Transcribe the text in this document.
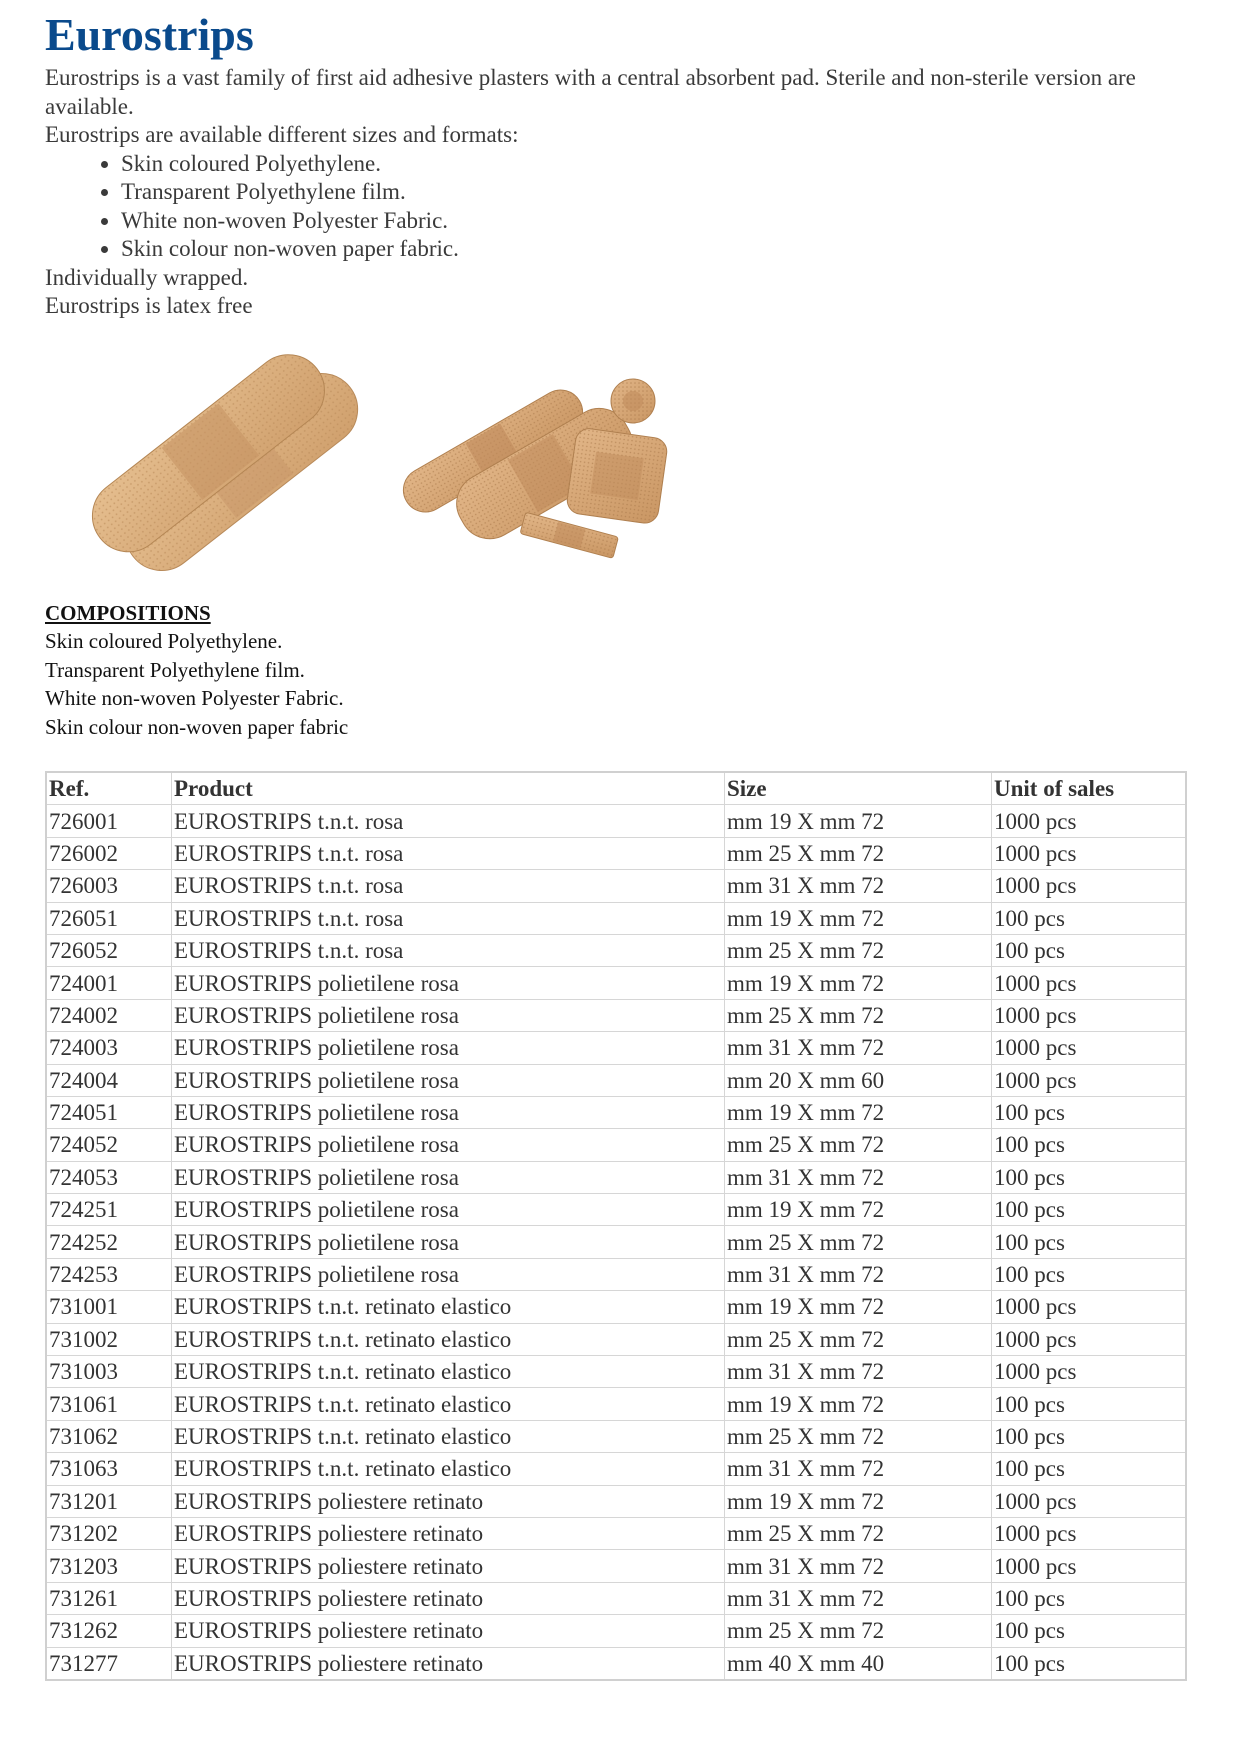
Eurostrips

Eurostrips is a vast family of first aid adhesive plasters with a central absorbent pad. Sterile and non-sterile version are available.

Eurostrips are available different sizes and formats:

• Skin coloured Polyethylene.
• Transparent Polyethylene film.
• White non-woven Polyester Fabric.
• Skin colour non-woven paper fabric.

Individually wrapped.

Eurostrips is latex free

COMPOSITIONS

Skin coloured Polyethylene.

Transparent Polyethylene film.

White non-woven Polyester Fabric.

Skin colour non-woven paper fabric

Ref.	Product	Size	Unit of sales
726001	EUROSTRIPS t.n.t. rosa	mm 19 X mm 72	1000 pcs
726002	EUROSTRIPS t.n.t. rosa	mm 25 X mm 72	1000 pcs
726003	EUROSTRIPS t.n.t. rosa	mm 31 X mm 72	1000 pcs
726051	EUROSTRIPS t.n.t. rosa	mm 19 X mm 72	100 pcs
726052	EUROSTRIPS t.n.t. rosa	mm 25 X mm 72	100 pcs
724001	EUROSTRIPS polietilene rosa	mm 19 X mm 72	1000 pcs
724002	EUROSTRIPS polietilene rosa	mm 25 X mm 72	1000 pcs
724003	EUROSTRIPS polietilene rosa	mm 31 X mm 72	1000 pcs
724004	EUROSTRIPS polietilene rosa	mm 20 X mm 60	1000 pcs
724051	EUROSTRIPS polietilene rosa	mm 19 X mm 72	100 pcs
724052	EUROSTRIPS polietilene rosa	mm 25 X mm 72	100 pcs
724053	EUROSTRIPS polietilene rosa	mm 31 X mm 72	100 pcs
724251	EUROSTRIPS polietilene rosa	mm 19 X mm 72	100 pcs
724252	EUROSTRIPS polietilene rosa	mm 25 X mm 72	100 pcs
724253	EUROSTRIPS polietilene rosa	mm 31 X mm 72	100 pcs
731001	EUROSTRIPS t.n.t. retinato elastico	mm 19 X mm 72	1000 pcs
731002	EUROSTRIPS t.n.t. retinato elastico	mm 25 X mm 72	1000 pcs
731003	EUROSTRIPS t.n.t. retinato elastico	mm 31 X mm 72	1000 pcs
731061	EUROSTRIPS t.n.t. retinato elastico	mm 19 X mm 72	100 pcs
731062	EUROSTRIPS t.n.t. retinato elastico	mm 25 X mm 72	100 pcs
731063	EUROSTRIPS t.n.t. retinato elastico	mm 31 X mm 72	100 pcs
731201	EUROSTRIPS poliestere retinato	mm 19 X mm 72	1000 pcs
731202	EUROSTRIPS poliestere retinato	mm 25 X mm 72	1000 pcs
731203	EUROSTRIPS poliestere retinato	mm 31 X mm 72	1000 pcs
731261	EUROSTRIPS poliestere retinato	mm 31 X mm 72	100 pcs
731262	EUROSTRIPS poliestere retinato	mm 25 X mm 72	100 pcs
731277	EUROSTRIPS poliestere retinato	mm 40 X mm 40	100 pcs
